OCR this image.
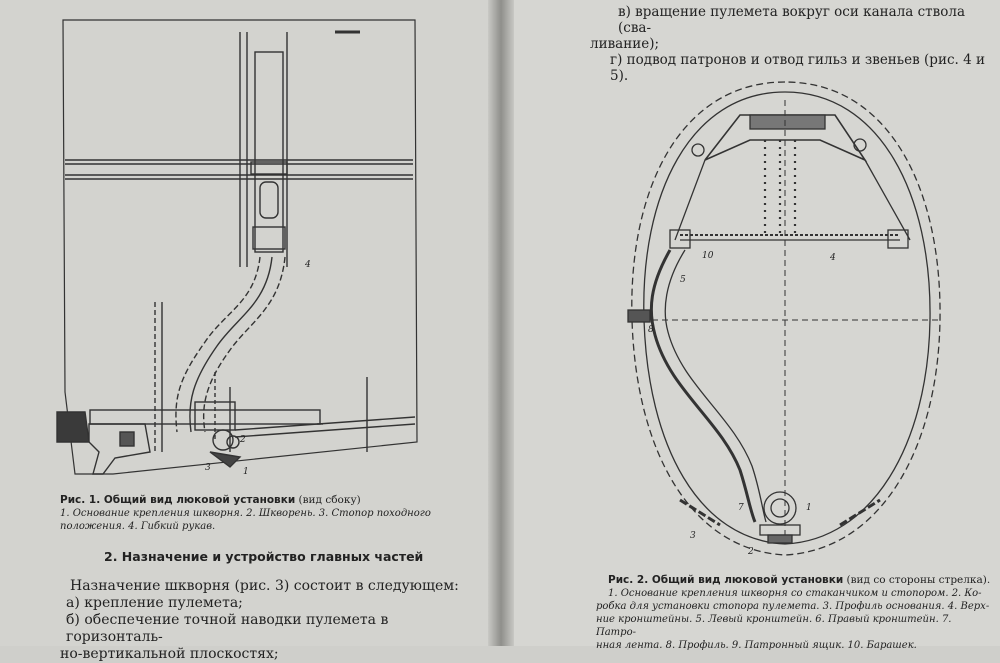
4
2
3	1
Рис. 1. Общий вид люковой установки (вид сбоку)
1. Основание крепления шкворня. 2. Шкворень. 3. Стопор походного
положения. 4. Гибкий рукав.
2. Назначение и устройство главных частей
Назначение шкворня (рис. 3) состоит в следующем:
а) крепление пулемета;
б) обеспечение точной наводки пулемета в горизонталь-
но-вертикальной плоскостях;
в) вращение пулемета вокруг оси канала ствола (сва-
ливание);
г) подвод патронов и отвод гильз и звеньев (рис. 4 и 5).
4
10
5
8
3
7
2
1
Рис. 2. Общий вид люковой установки (вид со стороны стрелка).
1. Основание крепления шкворня со стаканчиком и стопором. 2. Ко-
робка для установки стопора пулемета. 3. Профиль основания. 4. Верх-
ние кронштейны. 5. Левый кронштейн. 6. Правый кронштейн. 7. Патро-
нная лента. 8. Профиль. 9. Патронный ящик. 10. Барашек.
